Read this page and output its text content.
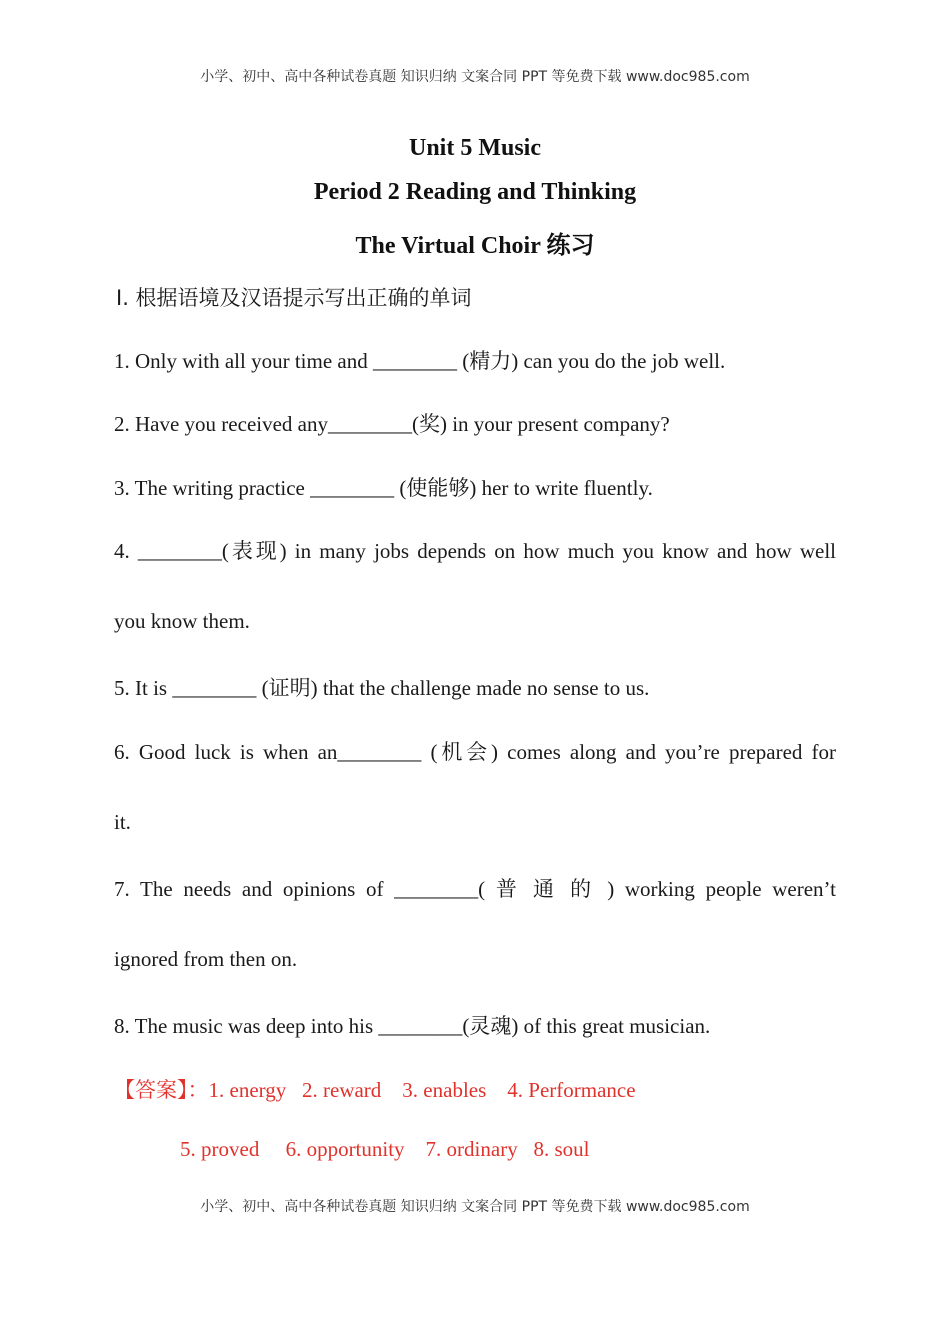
小学、初中、高中各种试卷真题 知识归纳 文案合同 PPT 等免费下载 www.doc985.com
Unit 5 Music
Period 2 Reading and Thinking
The Virtual Choir 练习
Ⅰ. 根据语境及汉语提示写出正确的单词
1. Only with all your time and ________ (精力) can you do the job well.
2. Have you received any________(奖) in your present company?
3. The writing practice ________ (使能够) her to write fluently.
4. ________(表现) in many jobs depends on how much you know and how well
you know them.
5. It is ________ (证明) that the challenge made no sense to us.
6. Good luck is when an________ (机会) comes along and you’re prepared for
it.
7. The needs and opinions of ________( 普 通 的 ) working people weren’t
ignored from then on.
8. The music was deep into his ________(灵魂) of this great musician.
【答案】：1. energy   2. reward    3. enables    4. Performance
5. proved     6. opportunity    7. ordinary   8. soul
小学、初中、高中各种试卷真题 知识归纳 文案合同 PPT 等免费下载 www.doc985.com
